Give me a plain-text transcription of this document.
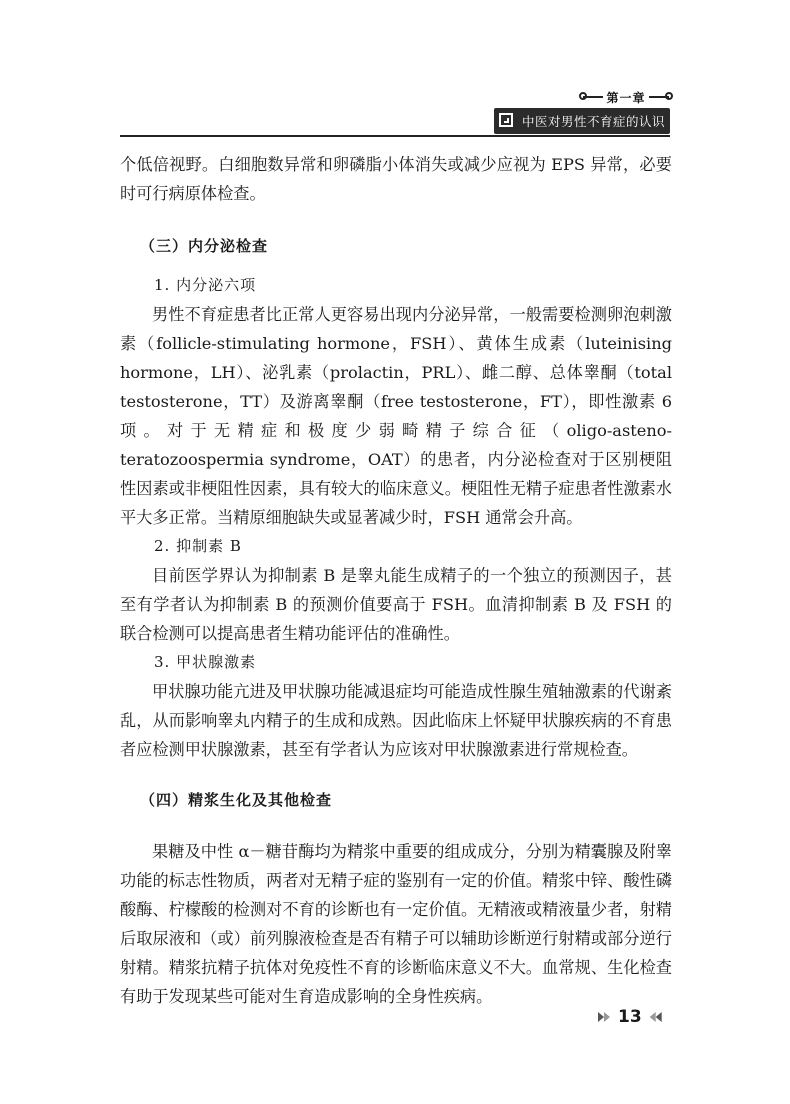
第一章
中医对男性不育症的认识

个低倍视野。白细胞数异常和卵磷脂小体消失或减少应视为 EPS 异常，必要时可行病原体检查。

（三）内分泌检查
1. 内分泌六项

男性不育症患者比正常人更容易出现内分泌异常，一般需要检测卵泡刺激素（follicle-stimulating hormone，FSH）、黄体生成素（luteinising hormone，LH）、泌乳素（prolactin，PRL）、雌二醇、总体睾酮（total testosterone，TT）及游离睾酮（free testosterone，FT），即性激素 6 项。对于无精症和极度少弱畸精子综合征（oligo-asteno-teratozoospermia syndrome，OAT）的患者，内分泌检查对于区别梗阻性因素或非梗阻性因素，具有较大的临床意义。梗阻性无精子症患者性激素水平大多正常。当精原细胞缺失或显著减少时，FSH 通常会升高。

2. 抑制素 B

目前医学界认为抑制素 B 是睾丸能生成精子的一个独立的预测因子，甚至有学者认为抑制素 B 的预测价值要高于 FSH。血清抑制素 B 及 FSH 的联合检测可以提高患者生精功能评估的准确性。

3. 甲状腺激素

甲状腺功能亢进及甲状腺功能减退症均可能造成性腺生殖轴激素的代谢紊乱，从而影响睾丸内精子的生成和成熟。因此临床上怀疑甲状腺疾病的不育患者应检测甲状腺激素，甚至有学者认为应该对甲状腺激素进行常规检查。

（四）精浆生化及其他检查

果糖及中性 α－糖苷酶均为精浆中重要的组成成分，分别为精囊腺及附睾功能的标志性物质，两者对无精子症的鉴别有一定的价值。精浆中锌、酸性磷酸酶、柠檬酸的检测对不育的诊断也有一定价值。无精液或精液量少者，射精后取尿液和（或）前列腺液检查是否有精子可以辅助诊断逆行射精或部分逆行射精。精浆抗精子抗体对免疫性不育的诊断临床意义不大。血常规、生化检查有助于发现某些可能对生育造成影响的全身性疾病。

13
